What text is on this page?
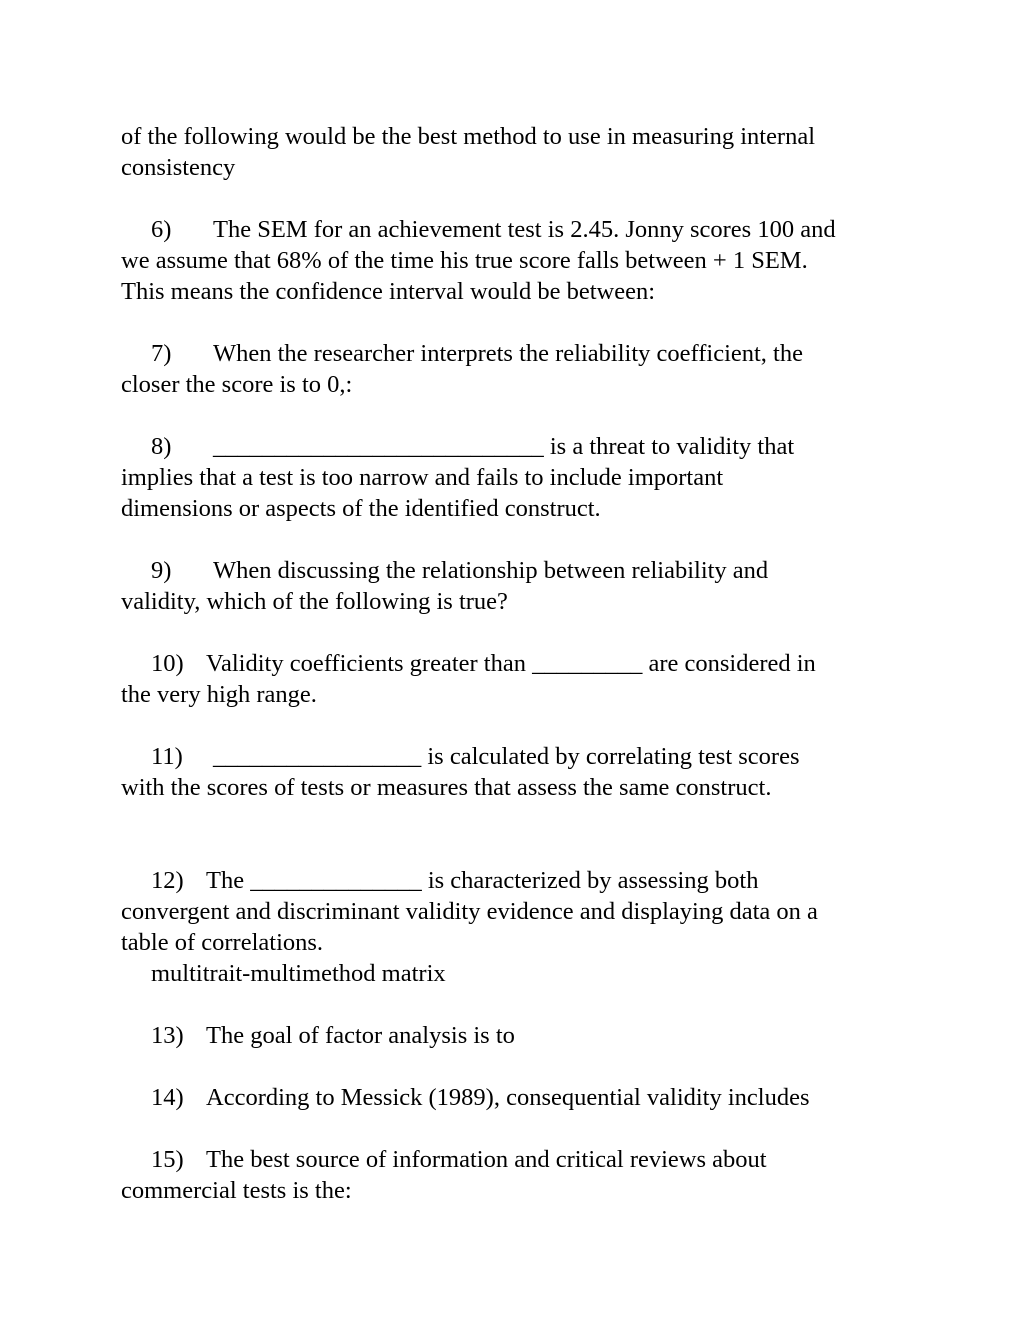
of the following would be the best method to use in measuring internal
consistency

6) The SEM for an achievement test is 2.45. Jonny scores 100 and
we assume that 68% of the time his true score falls between + 1 SEM.
This means the confidence interval would be between:

7) When the researcher interprets the reliability coefficient, the
closer the score is to 0,:

8) ___________________________ is a threat to validity that
implies that a test is too narrow and fails to include important
dimensions or aspects of the identified construct.

9) When discussing the relationship between reliability and
validity, which of the following is true?

10) Validity coefficients greater than _________ are considered in
the very high range.

11) _________________ is calculated by correlating test scores
with the scores of tests or measures that assess the same construct.

12) The ______________ is characterized by assessing both
convergent and discriminant validity evidence and displaying data on a
table of correlations.
multitrait-multimethod matrix

13) The goal of factor analysis is to

14) According to Messick (1989), consequential validity includes

15) The best source of information and critical reviews about
commercial tests is the:
